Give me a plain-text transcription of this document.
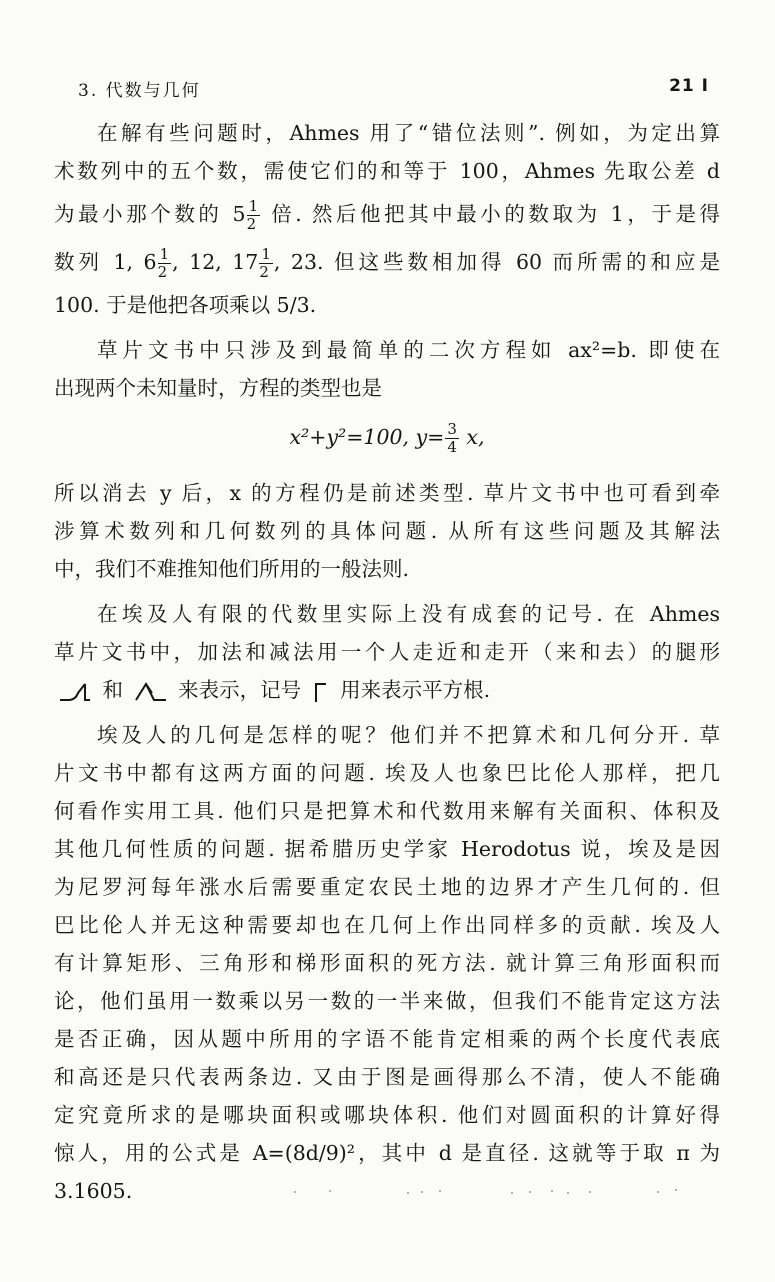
3. 代数与几何	21 I
在解有些问题时，Ahmes 用了“错位法则”. 例如，为定出算
术数列中的五个数，需使它们的和等于 100，Ahmes 先取公差 d
为最小那个数的 $5 \frac{1}{2}$ 倍. 然后他把其中最小的数取为 1，于是得
数列 1, $6 \frac{1}{2}$ , 12, $17 \frac{1}{2}$ , 23. 但这些数相加得 60 而所需的和应是
100. 于是他把各项乘以 5/3.
草片文书中只涉及到最简单的二次方程如 ax²=b. 即使在
出现两个未知量时，方程的类型也是
x²+y²=100, $y= \frac{3}{4} x$,
所以消去 y 后，x 的方程仍是前述类型. 草片文书中也可看到牵
涉算术数列和几何数列的具体问题. 从所有这些问题及其解法
中，我们不难推知他们所用的一般法则.
在埃及人有限的代数里实际上没有成套的记号. 在 Ahmes
草片文书中，加法和减法用一个人走近和走开（来和去）的腿形
和	来表示，记号 用来表示平方根.
埃及人的几何是怎样的呢？他们并不把算术和几何分开. 草
片文书中都有这两方面的问题. 埃及人也象巴比伦人那样，把几
何看作实用工具. 他们只是把算术和代数用来解有关面积、体积及
其他几何性质的问题. 据希腊历史学家 Herodotus 说，埃及是因
为尼罗河每年涨水后需要重定农民土地的边界才产生几何的. 但
巴比伦人并无这种需要却也在几何上作出同样多的贡献. 埃及人
有计算矩形、三角形和梯形面积的死方法. 就计算三角形面积而
论，他们虽用一数乘以另一数的一半来做，但我们不能肯定这方法
是否正确，因从题中所用的字语不能肯定相乘的两个长度代表底
和高还是只代表两条边. 又由于图是画得那么不清，使人不能确
定究竟所求的是哪块面积或哪块体积. 他们对圆面积的计算好得
惊人，用的公式是 A=(8d/9)²，其中 d 是直径. 这就等于取 π 为
3.1605.
